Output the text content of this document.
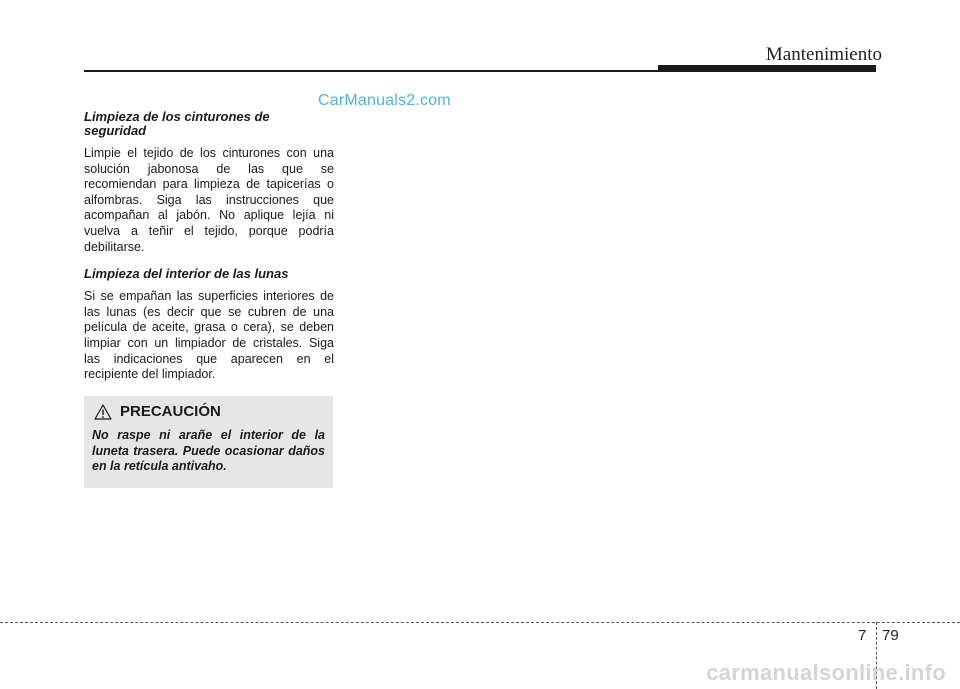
Mantenimiento
CarManuals2.com

Limpieza de los cinturones de seguridad

Limpie el tejido de los cinturones con una solución jabonosa de las que se recomiendan para limpieza de tapicerías o alfombras. Siga las instrucciones que acompañan al jabón. No aplique lejía ni vuelva a teñir el tejido, porque podría debilitarse.

Limpieza del interior de las lunas

Si se empañan las superficies interiores de las lunas (es decir que se cubren de una película de aceite, grasa o cera), se deben limpiar con un limpiador de cristales. Siga las indicaciones que aparecen en el recipiente del limpiador.

PRECAUCIÓN
No raspe ni arañe el interior de la luneta trasera. Puede ocasionar daños en la retícula antivaho.
7 79
carmanualsonline.info
